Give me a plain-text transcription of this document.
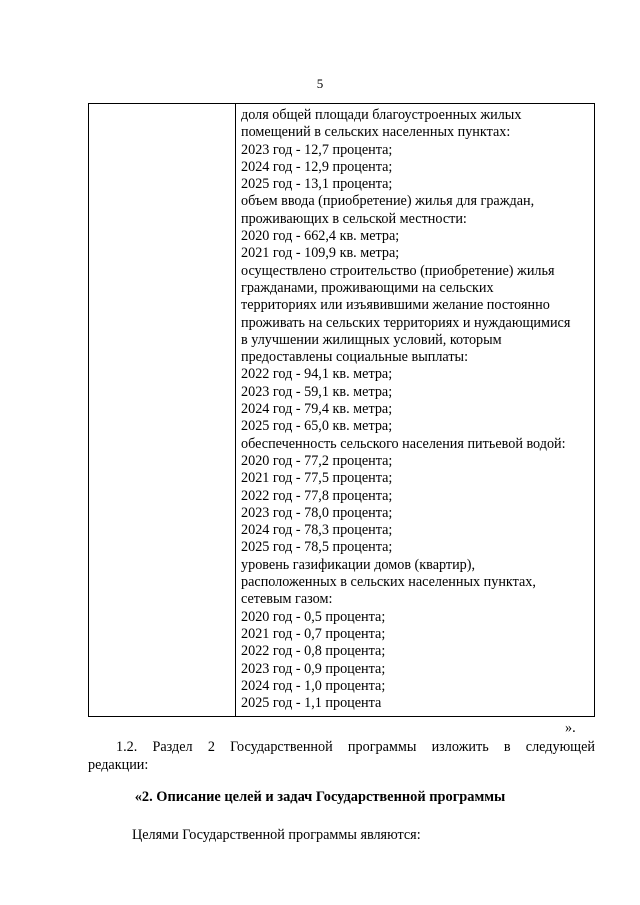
5
доля общей площади благоустроенных жилых
помещений в сельских населенных пунктах:
2023 год - 12,7 процента;
2024 год - 12,9 процента;
2025 год - 13,1 процента;
объем ввода (приобретение) жилья для граждан,
проживающих в сельской местности:
2020 год - 662,4 кв. метра;
2021 год - 109,9 кв. метра;
осуществлено строительство (приобретение) жилья
гражданами, проживающими на сельских
территориях или изъявившими желание постоянно
проживать на сельских территориях и нуждающимися
в улучшении жилищных условий, которым
предоставлены социальные выплаты:
2022 год - 94,1 кв. метра;
2023 год - 59,1 кв. метра;
2024 год - 79,4 кв. метра;
2025 год - 65,0 кв. метра;
обеспеченность сельского населения питьевой водой:
2020 год - 77,2 процента;
2021 год - 77,5 процента;
2022 год - 77,8 процента;
2023 год - 78,0 процента;
2024 год - 78,3 процента;
2025 год - 78,5 процента;
уровень газификации домов (квартир),
расположенных в сельских населенных пунктах,
сетевым газом:
2020 год - 0,5 процента;
2021 год - 0,7 процента;
2022 год - 0,8 процента;
2023 год - 0,9 процента;
2024 год - 1,0 процента;
2025 год - 1,1 процента
».
1.2. Раздел 2 Государственной программы изложить в следующей
редакции:
«2. Описание целей и задач Государственной программы
Целями Государственной программы являются:
